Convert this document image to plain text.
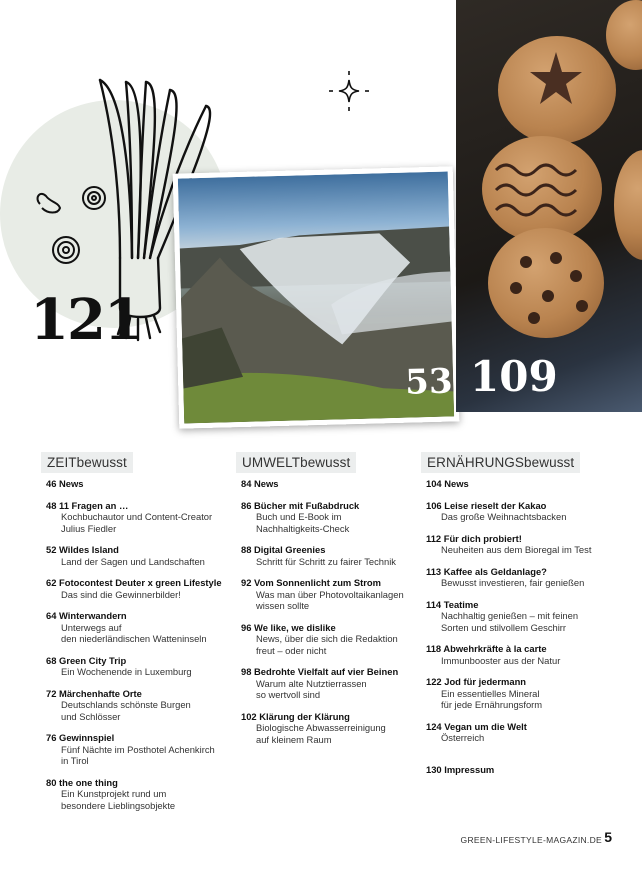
121
53 109
ZEITbewusst
46 News
48 11 Fragen an …
Kochbuchautor und Content-Creator
Julius Fiedler
52 Wildes Island
Land der Sagen und Landschaften
62 Fotocontest Deuter x green Lifestyle
Das sind die Gewinnerbilder!
64 Winterwandern
Unterwegs auf
den niederländischen Watteninseln
68 Green City Trip
Ein Wochenende in Luxemburg
72 Märchenhafte Orte
Deutschlands schönste Burgen
und Schlösser
76 Gewinnspiel
Fünf Nächte im Posthotel Achenkirch
in Tirol
80 the one thing
Ein Kunstprojekt rund um
besondere Lieblingsobjekte
UMWELTbewusst
84 News
86 Bücher mit Fußabdruck
Buch und E-Book im
Nachhaltigkeits-Check
88 Digital Greenies
Schritt für Schritt zu fairer Technik
92 Vom Sonnenlicht zum Strom
Was man über Photovoltaikanlagen
wissen sollte
96 We like, we dislike
News, über die sich die Redaktion
freut – oder nicht
98 Bedrohte Vielfalt auf vier Beinen
Warum alte Nutztierrassen
so wertvoll sind
102 Klärung der Klärung
Biologische Abwasserreinigung
auf kleinem Raum
ERNÄHRUNGSbewusst
104 News
106 Leise rieselt der Kakao
Das große Weihnachtsbacken
112 Für dich probiert!
Neuheiten aus dem Bioregal im Test
113 Kaffee als Geldanlage?
Bewusst investieren, fair genießen
114 Teatime
Nachhaltig genießen – mit feinen
Sorten und stilvollem Geschirr
118 Abwehrkräfte à la carte
Immunbooster aus der Natur
122 Jod für jedermann
Ein essentielles Mineral
für jede Ernährungsform
124 Vegan um die Welt
Österreich
130 Impressum
GREEN-LIFESTYLE-MAGAZIN.DE 5
